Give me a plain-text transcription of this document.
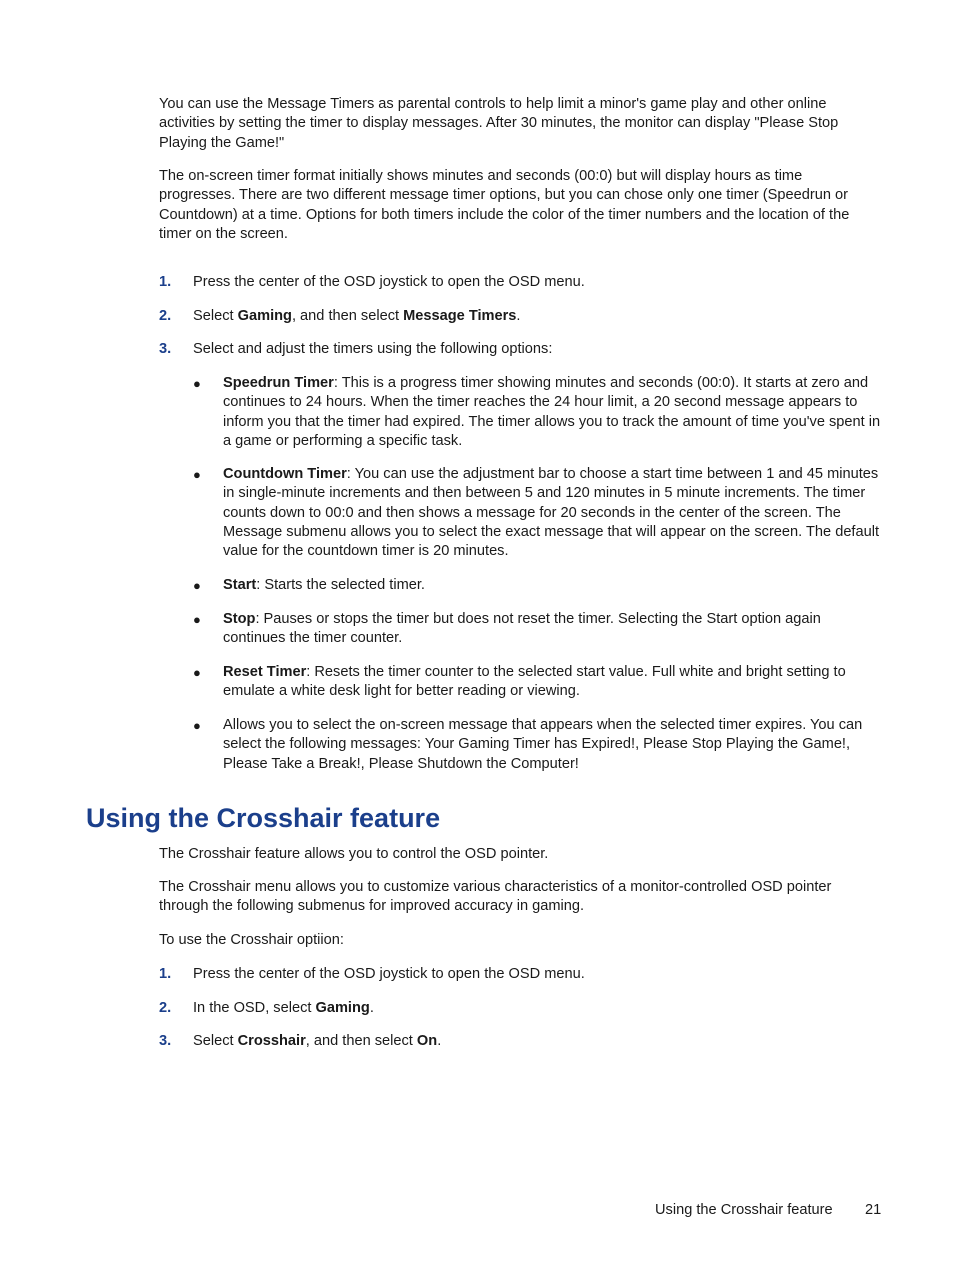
You can use the Message Timers as parental controls to help limit a minor's game play and other online activities by setting the timer to display messages. After 30 minutes, the monitor can display "Please Stop Playing the Game!"

The on-screen timer format initially shows minutes and seconds (00:0) but will display hours as time progresses. There are two different message timer options, but you can chose only one timer (Speedrun or Countdown) at a time. Options for both timers include the color of the timer numbers and the location of the timer on the screen.

1.	Press the center of the OSD joystick to open the OSD menu.
2.	Select Gaming, and then select Message Timers.
3.	Select and adjust the timers using the following options:
●	Speedrun Timer: This is a progress timer showing minutes and seconds (00:0). It starts at zero and continues to 24 hours. When the timer reaches the 24 hour limit, a 20 second message appears to inform you that the timer had expired. The timer allows you to track the amount of time you've spent in a game or performing a specific task.
●	Countdown Timer: You can use the adjustment bar to choose a start time between 1 and 45 minutes in single-minute increments and then between 5 and 120 minutes in 5 minute increments. The timer counts down to 00:0 and then shows a message for 20 seconds in the center of the screen. The Message submenu allows you to select the exact message that will appear on the screen. The default value for the countdown timer is 20 minutes.
●	Start: Starts the selected timer.
●	Stop: Pauses or stops the timer but does not reset the timer. Selecting the Start option again continues the timer counter.
●	Reset Timer: Resets the timer counter to the selected start value. Full white and bright setting to emulate a white desk light for better reading or viewing.
●	Allows you to select the on-screen message that appears when the selected timer expires. You can select the following messages: Your Gaming Timer has Expired!, Please Stop Playing the Game!, Please Take a Break!, Please Shutdown the Computer!
Using the Crosshair feature

The Crosshair feature allows you to control the OSD pointer.

The Crosshair menu allows you to customize various characteristics of a monitor-controlled OSD pointer through the following submenus for improved accuracy in gaming.

To use the Crosshair optiion:

1.	Press the center of the OSD joystick to open the OSD menu.
2.	In the OSD, select Gaming.
3.	Select Crosshair, and then select On.
Using the Crosshair feature 21
